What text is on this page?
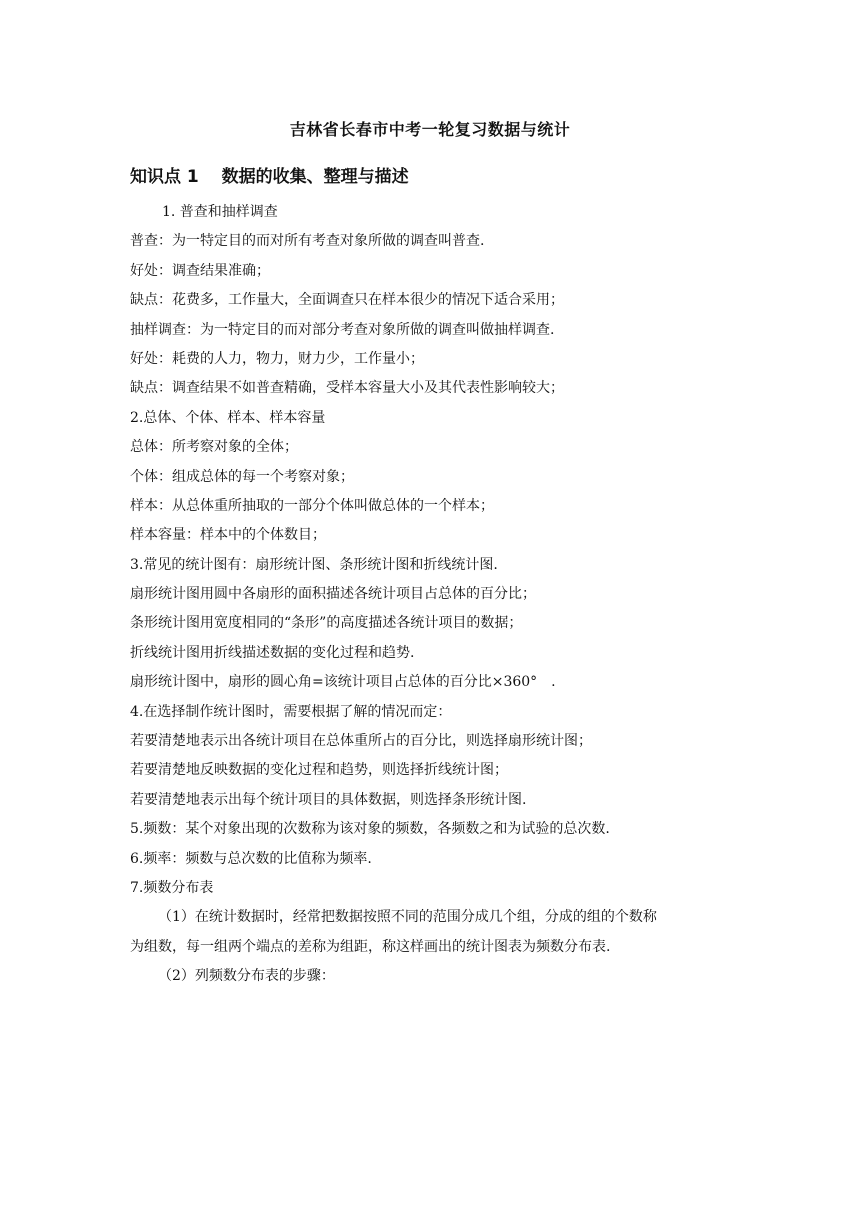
吉林省长春市中考一轮复习数据与统计
知识点 1　 数据的收集、整理与描述
1. 普查和抽样调查
普查：为一特定目的而对所有考查对象所做的调查叫普查.
好处：调查结果准确；
缺点：花费多，工作量大，全面调查只在样本很少的情况下适合采用；
抽样调查：为一特定目的而对部分考查对象所做的调查叫做抽样调查.
好处：耗费的人力，物力，财力少，工作量小；
缺点：调查结果不如普查精确，受样本容量大小及其代表性影响较大；
2.总体、个体、样本、样本容量
总体：所考察对象的全体；
个体：组成总体的每一个考察对象；
样本：从总体重所抽取的一部分个体叫做总体的一个样本；
样本容量：样本中的个体数目；
3.常见的统计图有：扇形统计图、条形统计图和折线统计图.
扇形统计图用圆中各扇形的面积描述各统计项目占总体的百分比；
条形统计图用宽度相同的“条形”的高度描述各统计项目的数据；
折线统计图用折线描述数据的变化过程和趋势.
扇形统计图中，扇形的圆心角=该统计项目占总体的百分比×360°　.
4.在选择制作统计图时，需要根据了解的情况而定：
若要清楚地表示出各统计项目在总体重所占的百分比，则选择扇形统计图；
若要清楚地反映数据的变化过程和趋势，则选择折线统计图；
若要清楚地表示出每个统计项目的具体数据，则选择条形统计图.
5.频数：某个对象出现的次数称为该对象的频数，各频数之和为试验的总次数.
6.频率：频数与总次数的比值称为频率.
7.频数分布表
（1）在统计数据时，经常把数据按照不同的范围分成几个组，分成的组的个数称
为组数，每一组两个端点的差称为组距，称这样画出的统计图表为频数分布表.
（2）列频数分布表的步骤：
